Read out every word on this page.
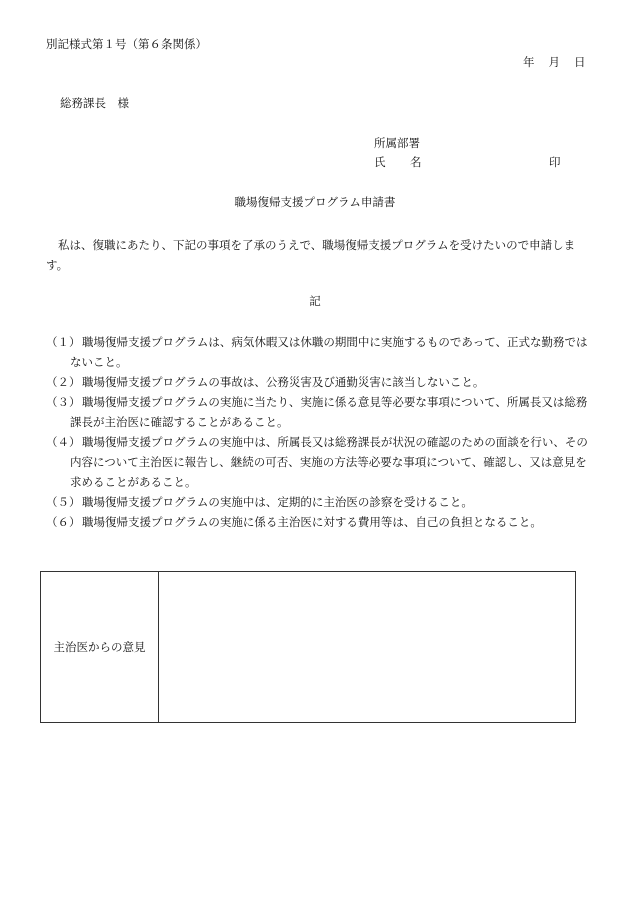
別記様式第１号（第６条関係）
年 月 日
総務課長　様
所属部署
氏 名	印
職場復帰支援プログラム申請書
私は、復職にあたり、下記の事項を了承のうえで、職場復帰支援プログラムを受けたいので申請します。
記
（１） 職場復帰支援プログラムは、病気休暇又は休職の期間中に実施するものであって、正式な勤務ではないこと。
（２） 職場復帰支援プログラムの事故は、公務災害及び通勤災害に該当しないこと。
（３） 職場復帰支援プログラムの実施に当たり、実施に係る意見等必要な事項について、所属長又は総務課長が主治医に確認することがあること。
（４） 職場復帰支援プログラムの実施中は、所属長又は総務課長が状況の確認のための面談を行い、その内容について主治医に報告し、継続の可否、実施の方法等必要な事項について、確認し、又は意見を求めることがあること。
（５） 職場復帰支援プログラムの実施中は、定期的に主治医の診察を受けること。
（６） 職場復帰支援プログラムの実施に係る主治医に対する費用等は、自己の負担となること。
主治医からの意見
